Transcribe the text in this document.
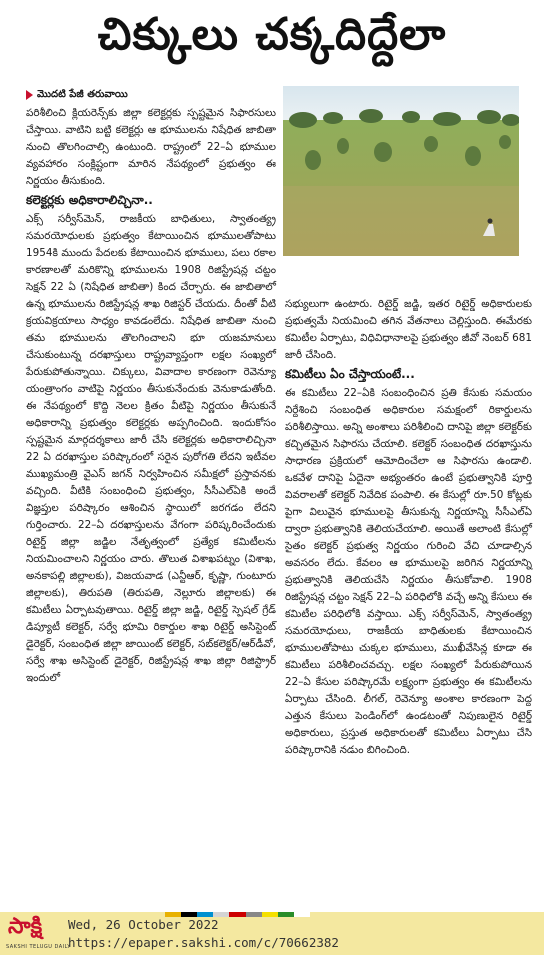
చిక్కులు చక్కదిద్దేలా
మొదటి పేజీ తరువాయి

పరిశీలించి క్లియరెన్స్‌కు జిల్లా కలెక్టర్లకు స్పష్టమైన సిఫారసులు చేస్తాయి. వాటిని బట్టి కలెక్టర్లు ఆ భూములను నిషేధిత జాబితా నుంచి తొలగించాల్సి ఉంటుంది. రాష్ట్రంలో 22–ఏ భూముల వ్యవహారం సంక్లిష్టంగా మారిన నేపథ్యంలో ప్రభుత్వం ఈ నిర్ణయం తీసుకుంది.

కలెక్టర్లకు అధికారాలిచ్చినా..

ఎక్స్‌ సర్వీస్‌మెన్, రాజకీయ బాధితులు, స్వాతంత్య్ర సమరయోధులకు ప్రభుత్వం కేటాయించిన భూములతోపాటు 1954కి ముందు పేదలకు కేటాయించిన భూములు, పలు రకాల కారణాలతో మరికొన్ని భూములను 1908 రిజిస్ట్రేషన్ల చట్టం సెక్షన్‌ 22 ఏ (నిషేధిత జాబితా) కింద చేర్చారు. ఈ జాబితాలో ఉన్న భూములను రిజిస్ట్రేషన్ల శాఖ రిజిస్టర్‌ చేయదు. దీంతో వీటి క్రయవిక్రయాలు సాధ్యం కావడంలేదు. నిషేధిత జాబితా నుంచి తమ భూములను తొలగించాలని భూ యజమానులు చేసుకుంటున్న దరఖాస్తులు రాష్ట్రవ్యాప్తంగా లక్షల సంఖ్యలో పేరుకుపోతున్నాయి. చిక్కులు, వివాదాల కారణంగా రెవెన్యూ యంత్రాంగం వాటిపై నిర్ణయం తీసుకునేందుకు వెనుకాడుతోంది. ఈ నేపథ్యంలో కొద్ది నెలల క్రితం వీటిపై నిర్ణయం తీసుకునే అధికారాన్ని ప్రభుత్వం కలెక్టర్లకు అప్పగించింది. ఇందుకోసం స్పష్టమైన మార్గదర్శకాలు జారీ చేసి కలెక్టర్లకు అధికారాలిచ్చినా 22 ఏ దరఖాస్తుల పరిష్కారంలో సరైన పురోగతి లేదని ఇటీవల ముఖ్యమంత్రి వైఎస్‌ జగన్‌ నిర్వహించిన సమీక్షలో ప్రస్తావనకు వచ్చింది. వీటికి సంబంధించి ప్రభుత్వం, సీసీఎల్‌ఏకి అందే విజ్ఞప్తుల పరిష్కారం ఆశించిన స్థాయిలో జరగడం లేదని గుర్తించారు. 22–ఏ దరఖాస్తులను వేగంగా పరిష్కరించేందుకు రిటైర్డ్‌ జిల్లా జడ్జిల నేతృత్వంలో ప్రత్యేక కమిటీలను నియమించాలని నిర్ణయం చారు. తొలుత విశాఖపట్నం (విశాఖ, అనకాపల్లి జిల్లాలకు), విజయవాడ (ఎన్టీఆర్, కృష్ణా, గుంటూరు జిల్లాలకు), తిరుపతి (తిరుపతి, నెల్లూరు జిల్లాలకు) ఈ కమిటీలు ఏర్పాటవుతాయి. రిటైర్డ్‌ జిల్లా జడ్జి, రిటైర్డ్‌ స్పెషల్‌ గ్రేడ్‌ డిప్యూటీ కలెక్టర్, సర్వే భూమి రికార్డుల శాఖ రిటైర్డ్‌ అసిస్టెంట్‌ డైరెక్టర్, సంబంధిత జిల్లా జాయింట్‌ కలెక్టర్, సబ్‌కలెక్టర్‌/ఆర్‌డీవో, సర్వే శాఖ అసిస్టెంట్‌ డైరెక్టర్, రిజిస్ట్రేషన్ల శాఖ జిల్లా రిజిస్ట్రార్‌ ఇందులో

సభ్యులుగా ఉంటారు. రిటైర్డ్‌ జడ్జి, ఇతర రిటైర్డ్‌ అధికారులకు ప్రభుత్వమే నియమించి తగిన వేతనాలు చెల్లిస్తుంది. ఈమేరకు కమిటీల ఏర్పాటు, విధివిధానాలపై ప్రభుత్వం జీవో నెంబర్‌ 681 జారీ చేసింది.

కమిటీలు ఏం చేస్తాయంటే...

ఈ కమిటీలు 22–ఏకి సంబంధించిన ప్రతి కేసుకు సమయం నిర్దేశించి సంబంధిత అధికారుల సమక్షంలో రికార్డులను పరిశీలిస్తాయి. అన్ని అంశాలు పరిశీలించి దానిపై జిల్లా కలెక్టర్‌కు కచ్చితమైన సిఫారసు చేయాలి. కలెక్టర్‌ సంబంధిత దరఖాస్తును సాధారణ ప్రక్రియలో ఆమోదించేలా ఆ సిఫారసు ఉండాలి. ఒకవేళ దానిపై ఏదైనా అభ్యంతరం ఉంటే ప్రభుత్వానికి పూర్తి వివరాలతో కలెక్టర్‌ నివేదిక పంపాలి. ఈ కేసుల్లో రూ.50 కోట్లకు పైగా విలువైన భూములపై తీసుకున్న నిర్ణయాన్ని సీసీఎల్‌ఏ ద్వారా ప్రభుత్వానికి తెలియచేయాలి. అయితే అలాంటి కేసుల్లో సైతం కలెక్టర్‌ ప్రభుత్వ నిర్ణయం గురించి వేచి చూడాల్సిన అవసరం లేదు. కేవలం ఆ భూములపై జరిగిన నిర్ణయాన్ని ప్రభుత్వానికి తెలియచేసి నిర్ణయం తీసుకోవాలి. 1908 రిజిస్ట్రేషన్ల చట్టం సెక్షన్‌ 22–ఏ పరిధిలోకి వచ్చే అన్ని కేసులు ఈ కమిటీల పరిధిలోకి వస్తాయి. ఎక్స్‌ సర్వీస్‌మెన్, స్వాతంత్య్ర సమరయోధులు, రాజకీయ బాధితులకు కేటాయించిన భూములతోపాటు చుక్కల భూములు, ముఖీవేసిన్ల కూడా ఈ కమిటీలు పరిశీలించవచ్చు. లక్షల సంఖ్యలో పేరుకుపోయిన 22–ఏ కేసుల పరిష్కారమే లక్ష్యంగా ప్రభుత్వం ఈ కమిటీలను ఏర్పాటు చేసింది. లీగల్, రెవెన్యూ అంశాల కారణంగా పెద్ద ఎత్తున కేసులు పెండింగ్‌లో ఉండటంతో నిపుణులైన రిటైర్డ్‌ అధికారులు, ప్రస్తుత అధికారులతో కమిటీలు ఏర్పాటు చేసి పరిష్కారానికి నడుం బిగించింది.

సాక్షి
SAKSHI TELUGU DAILY
Wed, 26 October 2022
https://epaper.sakshi.com/c/70662382
